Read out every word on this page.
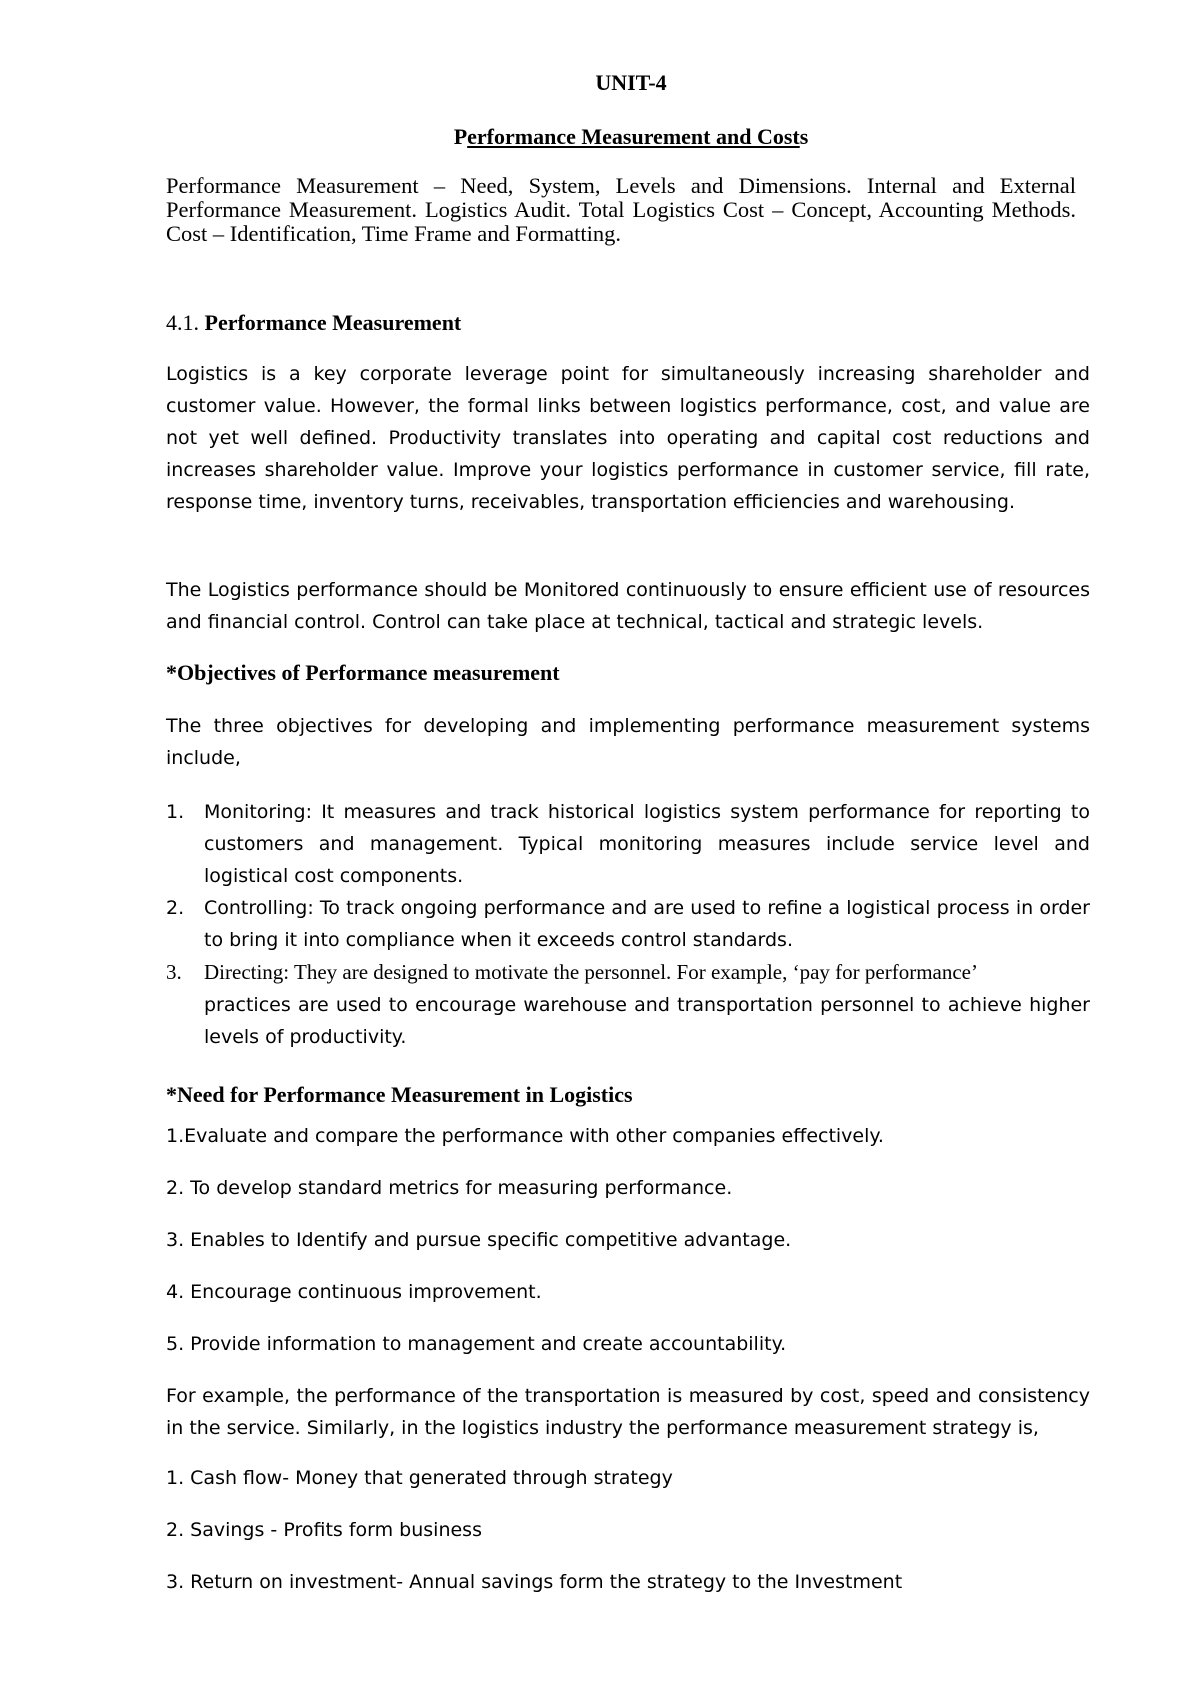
UNIT-4
Performance Measurement and Costs
Performance Measurement – Need, System, Levels and Dimensions. Internal and External Performance Measurement. Logistics Audit. Total Logistics Cost – Concept, Accounting Methods. Cost – Identification, Time Frame and Formatting.
4.1. Performance Measurement
Logistics is a key corporate leverage point for simultaneously increasing shareholder and customer value. However, the formal links between logistics performance, cost, and value are not yet well defined. Productivity translates into operating and capital cost reductions and increases shareholder value. Improve your logistics performance in customer service, fill rate, response time, inventory turns, receivables, transportation efficiencies and warehousing.
The Logistics performance should be Monitored continuously to ensure efficient use of resources and financial control. Control can take place at technical, tactical and strategic levels.
*Objectives of Performance measurement
The three objectives for developing and implementing performance measurement systems include,
1. Monitoring: It measures and track historical logistics system performance for reporting to customers and management. Typical monitoring measures include service level and logistical cost components.
2. Controlling: To track ongoing performance and are used to refine a logistical process in order to bring it into compliance when it exceeds control standards.
3. Directing: They are designed to motivate the personnel. For example, ‘pay for performance’
practices are used to encourage warehouse and transportation personnel to achieve higher levels of productivity.
*Need for Performance Measurement in Logistics
1.Evaluate and compare the performance with other companies effectively.
2. To develop standard metrics for measuring performance.
3. Enables to Identify and pursue specific competitive advantage.
4. Encourage continuous improvement.
5. Provide information to management and create accountability.
For example, the performance of the transportation is measured by cost, speed and consistency in the service. Similarly, in the logistics industry the performance measurement strategy is,
1. Cash flow- Money that generated through strategy
2. Savings - Profits form business
3. Return on investment- Annual savings form the strategy to the Investment
